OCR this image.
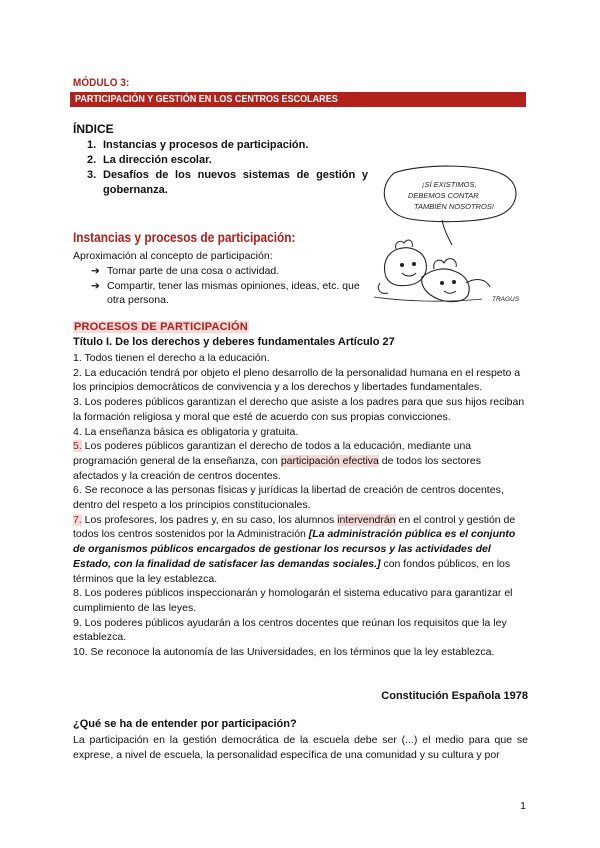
MÓDULO 3:
PARTICIPACIÓN Y GESTIÓN EN LOS CENTROS ESCOLARES
ÍNDICE
1. Instancias y procesos de participación.
2. La dirección escolar.
3. Desafíos de los nuevos sistemas de gestión y gobernanza.	¡SÍ EXISTIMOS,
DEBEMOS CONTAR
TAMBIÉN NOSOTROS!
TRAGUS
Instancias y procesos de participación:
Aproximación al concepto de participación:
➔ Tomar parte de una cosa o actividad.
➔ Compartir, tener las mismas opiniones, ideas, etc. que otra persona.
PROCESOS DE PARTICIPACIÓN
Título I. De los derechos y deberes fundamentales Artículo 27

1. Todos tienen el derecho a la educación.

2. La educación tendrá por objeto el pleno desarrollo de la personalidad humana en el respeto a los principios democráticos de convivencia y a los derechos y libertades fundamentales.

3. Los poderes públicos garantizan el derecho que asiste a los padres para que sus hijos reciban la formación religiosa y moral que esté de acuerdo con sus propias convicciones.

4. La enseñanza básica es obligatoria y gratuita.

5. Los poderes públicos garantizan el derecho de todos a la educación, mediante una programación general de la enseñanza, con participación efectiva de todos los sectores afectados y la creación de centros docentes.

6. Se reconoce a las personas físicas y jurídicas la libertad de creación de centros docentes, dentro del respeto a los principios constitucionales.

7. Los profesores, los padres y, en su caso, los alumnos intervendrán en el control y gestión de todos los centros sostenidos por la Administración [La administración pública es el conjunto de organismos públicos encargados de gestionar los recursos y las actividades del Estado, con la finalidad de satisfacer las demandas sociales.] con fondos públicos, en los términos que la ley establezca.

8. Los poderes públicos inspeccionarán y homologarán el sistema educativo para garantizar el cumplimiento de las leyes.

9. Los poderes públicos ayudarán a los centros docentes que reúnan los requisitos que la ley establezca.

10. Se reconoce la autonomía de las Universidades, en los términos que la ley establezca.

Constitución Española 1978
¿Qué se ha de entender por participación?

La participación en la gestión democrática de la escuela debe ser (...) el medio para que se exprese, a nivel de escuela, la personalidad específica de una comunidad y su cultura y por

1
